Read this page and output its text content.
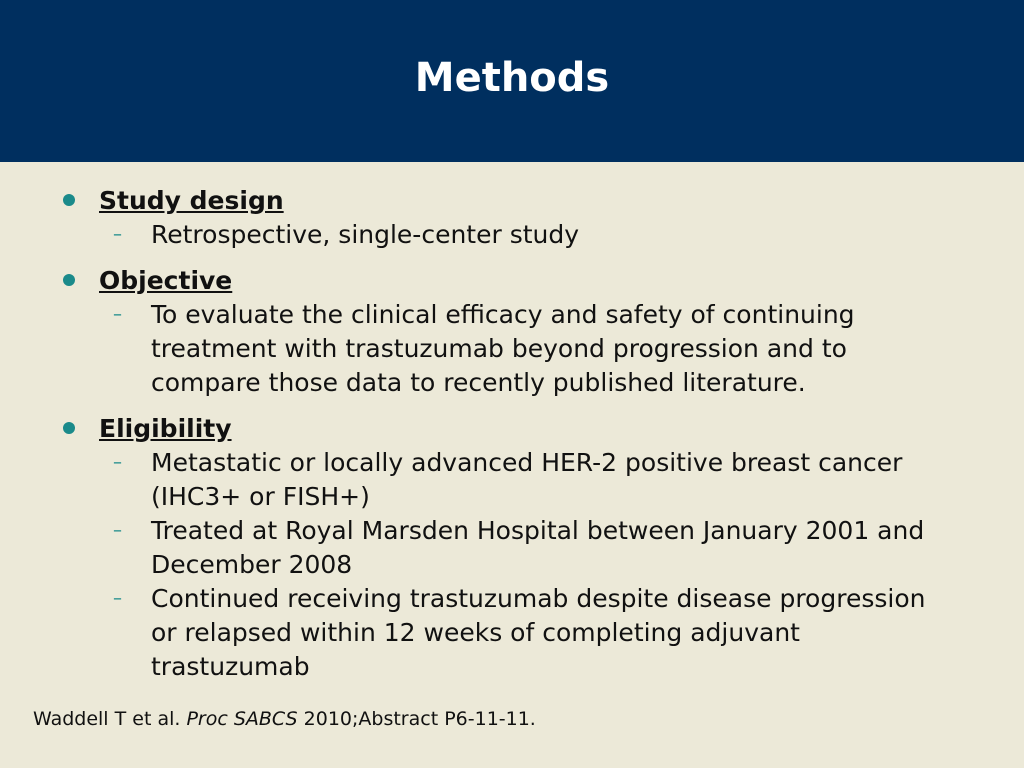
Methods
Study design
– Retrospective, single-center study
Objective
– To evaluate the clinical efficacy and safety of continuing treatment with trastuzumab beyond progression and to compare those data to recently published literature.
Eligibility
– Metastatic or locally advanced HER-2 positive breast cancer (IHC3+ or FISH+)
– Treated at Royal Marsden Hospital between January 2001 and December 2008
– Continued receiving trastuzumab despite disease progression or relapsed within 12 weeks of completing adjuvant trastuzumab
Waddell T et al. Proc SABCS 2010;Abstract P6-11-11.
